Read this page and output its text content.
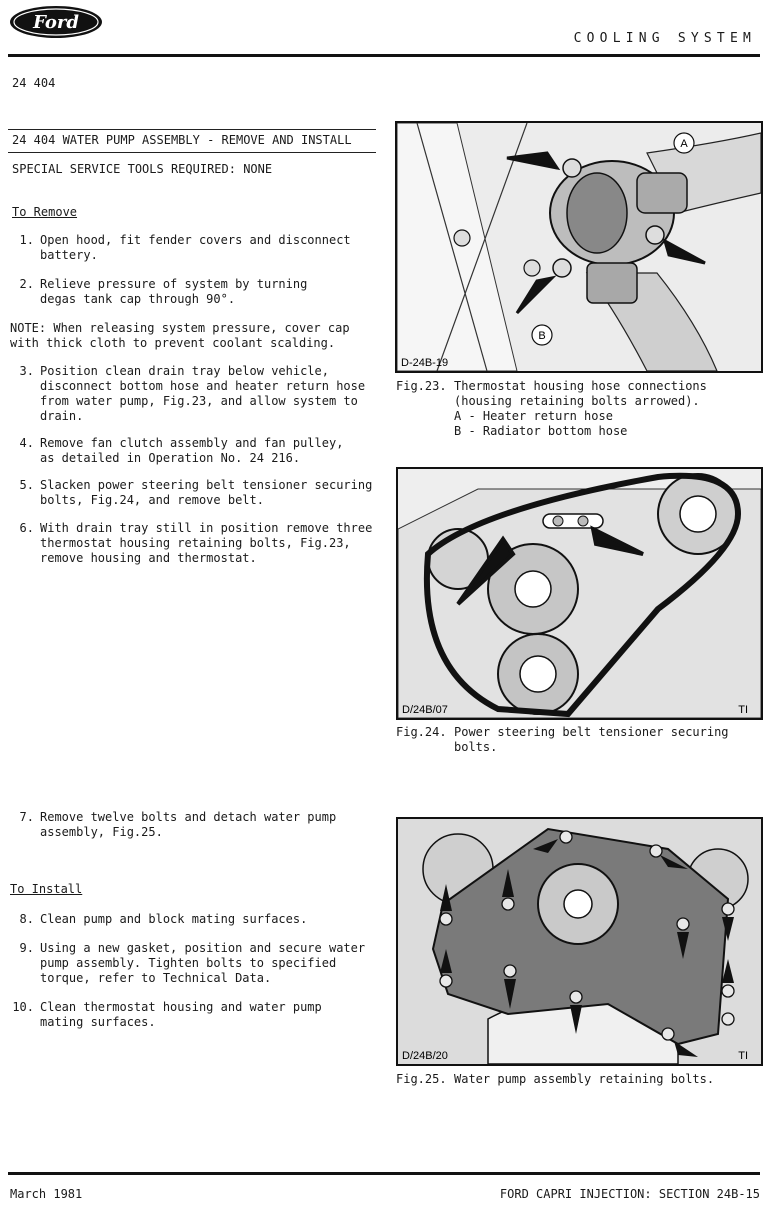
Ford
COOLING SYSTEM
24 404
24 404 WATER PUMP ASSEMBLY - REMOVE AND INSTALL
SPECIAL SERVICE TOOLS REQUIRED: NONE
To Remove
1. Open hood, fit fender covers and disconnect
battery.
2. Relieve pressure of system by turning
degas tank cap through 90°.
NOTE: When releasing system pressure, cover cap
with thick cloth to prevent coolant scalding.
3. Position clean drain tray below vehicle,
disconnect bottom hose and heater return hose
from water pump, Fig.23, and allow system to
drain.
4. Remove fan clutch assembly and fan pulley,
as detailed in Operation No. 24 216.
5. Slacken power steering belt tensioner securing
bolts, Fig.24, and remove belt.
6. With drain tray still in position remove three
thermostat housing retaining bolts, Fig.23,
remove housing and thermostat.
7. Remove twelve bolts and detach water pump
assembly, Fig.25.
To Install
8. Clean pump and block mating surfaces.
9. Using a new gasket, position and secure water
pump assembly. Tighten bolts to specified
torque, refer to Technical Data.
10. Clean thermostat housing and water pump
mating surfaces.
A
B
D-24B-19
Fig.23. Thermostat housing hose connections
(housing retaining bolts arrowed).
A - Heater return hose
B - Radiator bottom hose
D/24B/07	TI
Fig.24. Power steering belt tensioner securing
bolts.
D/24B/20	TI
Fig.25. Water pump assembly retaining bolts.
March 1981	FORD CAPRI INJECTION: SECTION 24B-15
